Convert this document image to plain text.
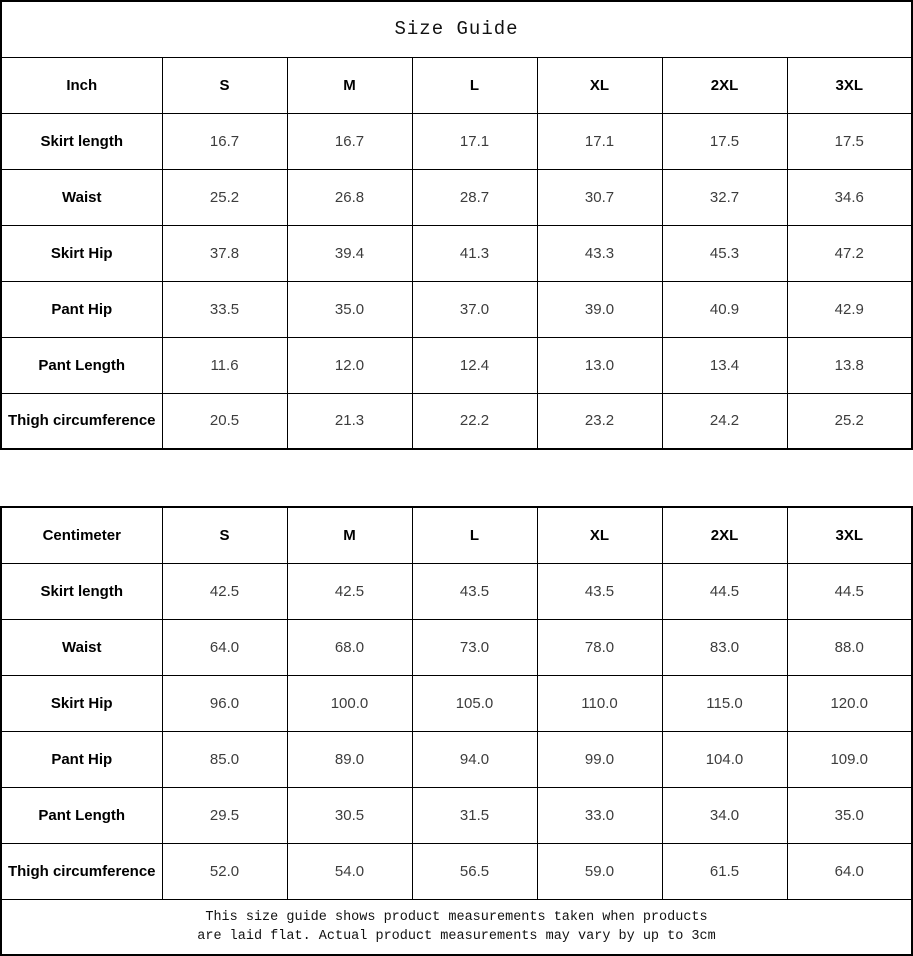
Size Guide						
Inch	S	M	L	XL	2XL	3XL
Skirt length	16.7	16.7	17.1	17.1	17.5	17.5
Waist	25.2	26.8	28.7	30.7	32.7	34.6
Skirt Hip	37.8	39.4	41.3	43.3	45.3	47.2
Pant Hip	33.5	35.0	37.0	39.0	40.9	42.9
Pant Length	11.6	12.0	12.4	13.0	13.4	13.8
Thigh circumference	20.5	21.3	22.2	23.2	24.2	25.2
Centimeter	S	M	L	XL	2XL	3XL
Skirt length	42.5	42.5	43.5	43.5	44.5	44.5
Waist	64.0	68.0	73.0	78.0	83.0	88.0
Skirt Hip	96.0	100.0	105.0	110.0	115.0	120.0
Pant Hip	85.0	89.0	94.0	99.0	104.0	109.0
Pant Length	29.5	30.5	31.5	33.0	34.0	35.0
Thigh circumference	52.0	54.0	56.5	59.0	61.5	64.0

This size guide shows product measurements taken when products
are laid flat. Actual product measurements may vary by up to 3cm						
